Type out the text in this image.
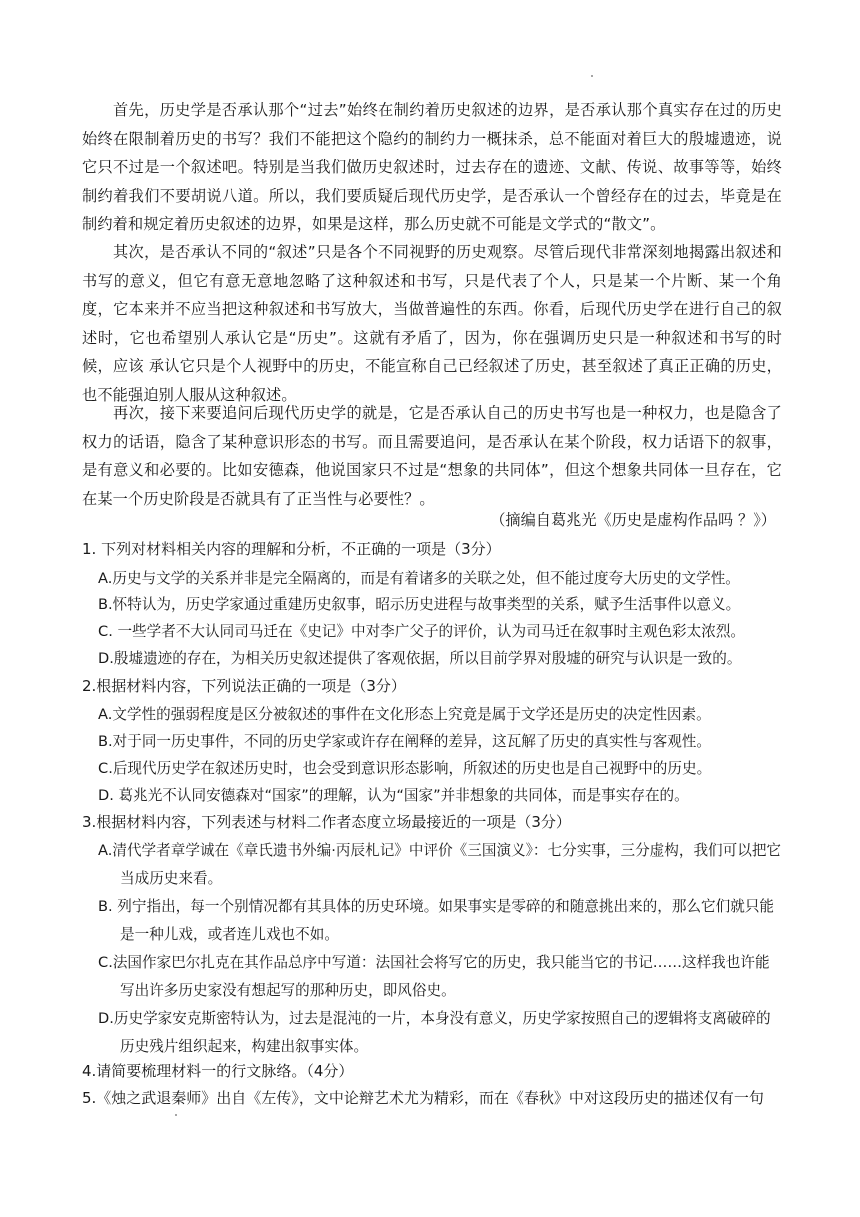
首先，历史学是否承认那个“过去”始终在制约着历史叙述的边界，是否承认那个真实存在过的历史始终在限制着历史的书写？我们不能把这个隐约的制约力一概抹杀，总不能面对着巨大的殷墟遗迹，说它只不过是一个叙述吧。特别是当我们做历史叙述时，过去存在的遗迹、文献、传说、故事等等，始终制约着我们不要胡说八道。所以，我们要质疑后现代历史学，是否承认一个曾经存在的过去，毕竟是在制约着和规定着历史叙述的边界，如果是这样，那么历史就不可能是文学式的“散文”。

其次，是否承认不同的“叙述”只是各个不同视野的历史观察。尽管后现代非常深刻地揭露出叙述和 书写的意义，但它有意无意地忽略了这种叙述和书写，只是代表了个人，只是某一个片断、某一个角度，它本来并不应当把这种叙述和书写放大，当做普遍性的东西。你看，后现代历史学在进行自己的叙述时，它也希望别人承认它是“历史”。这就有矛盾了，因为，你在强调历史只是一种叙述和书写的时候，应该 承认它只是个人视野中的历史，不能宣称自己已经叙述了历史，甚至叙述了真正正确的历史，也不能强迫别人服从这种叙述。

再次，接下来要追问后现代历史学的就是，它是否承认自己的历史书写也是一种权力，也是隐含了权力的话语，隐含了某种意识形态的书写。而且需要追问，是否承认在某个阶段，权力话语下的叙事，是有意义和必要的。比如安德森，他说国家只不过是“想象的共同体”，但这个想象共同体一旦存在，它在某一个历史阶段是否就具有了正当性与必要性？。

（摘编自葛兆光《历史是虚构作品吗 ？》）

1. 下列对材料相关内容的理解和分析，不正确的一项是（3分）

A.历史与文学的关系并非是完全隔离的，而是有着诸多的关联之处，但不能过度夸大历史的文学性。

B.怀特认为，历史学家通过重建历史叙事，昭示历史进程与故事类型的关系，赋予生活事件以意义。

C. 一些学者不大认同司马迁在《史记》中对李广父子的评价，认为司马迁在叙事时主观色彩太浓烈。

D.殷墟遗迹的存在，为相关历史叙述提供了客观依据，所以目前学界对殷墟的研究与认识是一致的。

2.根据材料内容，下列说法正确的一项是（3分）

A.文学性的强弱程度是区分被叙述的事件在文化形态上究竟是属于文学还是历史的决定性因素。

B.对于同一历史事件，不同的历史学家或许存在阐释的差异，这瓦解了历史的真实性与客观性。

C.后现代历史学在叙述历史时，也会受到意识形态影响，所叙述的历史也是自己视野中的历史。

D. 葛兆光不认同安德森对“国家”的理解，认为“国家”并非想象的共同体，而是事实存在的。

3.根据材料内容，下列表述与材料二作者态度立场最接近的一项是（3分）

A.清代学者章学诚在《章氏遗书外编·丙辰札记》中评价《三国演义》：七分实事，三分虚构，我们可以把它当成历史来看。

B. 列宁指出，每一个别情况都有其具体的历史环境。如果事实是零碎的和随意挑出来的，那么它们就只能是一种儿戏，或者连儿戏也不如。

C.法国作家巴尔扎克在其作品总序中写道：法国社会将写它的历史，我只能当它的书记……这样我也许能写出许多历史家没有想起写的那种历史，即风俗史。

D.历史学家安克斯密特认为，过去是混沌的一片，本身没有意义，历史学家按照自己的逻辑将支离破碎的历史残片组织起来，构建出叙事实体。

4.请简要梳理材料一的行文脉络。（4分）

5.《烛之武退秦师》出自《左传》，文中论辩艺术尤为精彩，而在《春秋》中对这段历史的描述仅有一句
